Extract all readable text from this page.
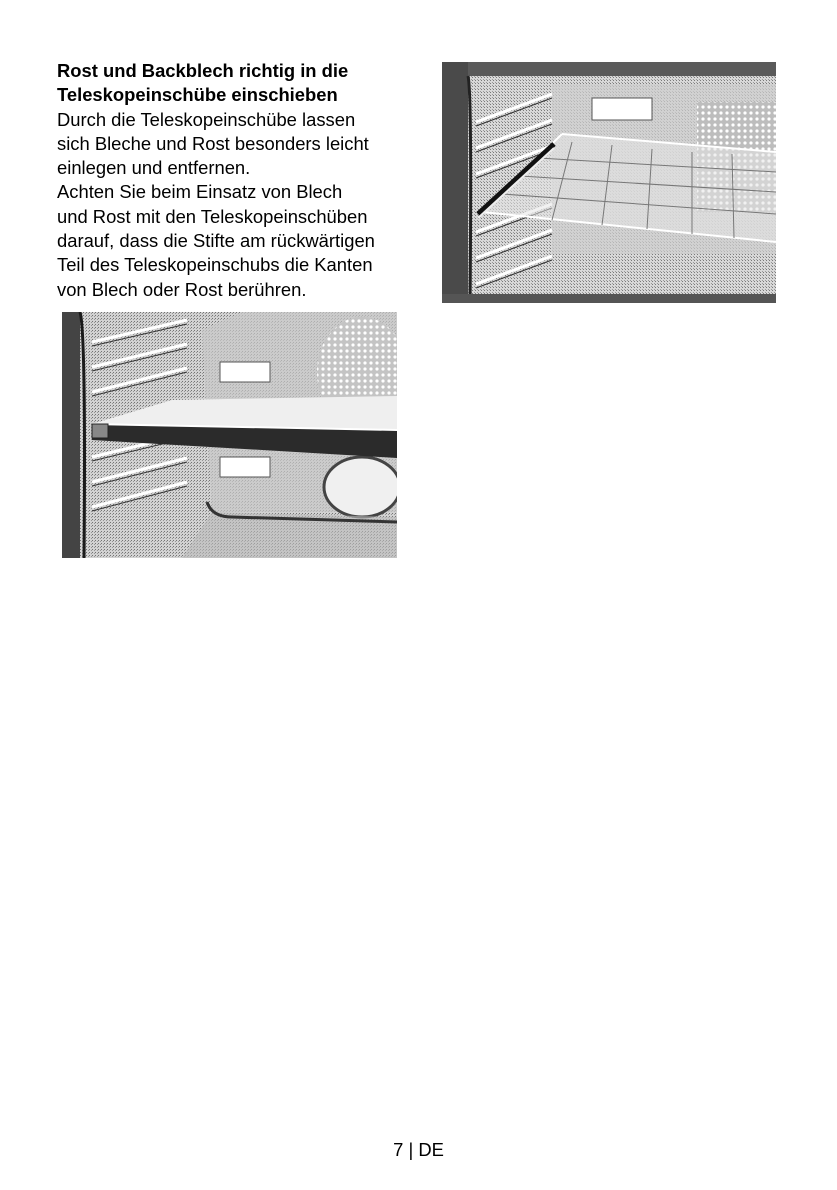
Rost und Backblech richtig in die
Teleskopeinschübe einschieben

Durch die Teleskopeinschübe lassen
sich Bleche und Rost besonders leicht
einlegen und entfernen.

Achten Sie beim Einsatz von Blech
und Rost mit den Teleskopeinschüben
darauf, dass die Stifte am rückwärtigen
Teil des Teleskopeinschubs die Kanten
von Blech oder Rost berühren.

7 | DE
